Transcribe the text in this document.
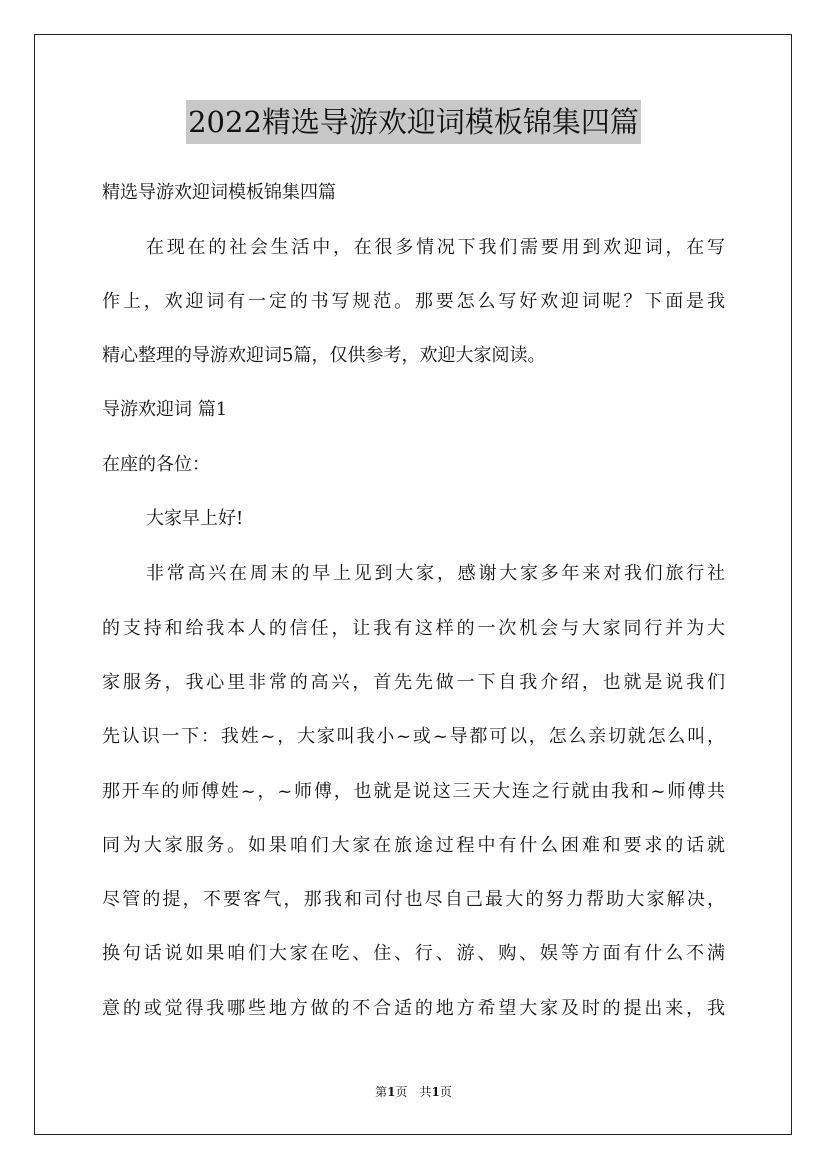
2022精选导游欢迎词模板锦集四篇
精选导游欢迎词模板锦集四篇
在现在的社会生活中，在很多情况下我们需要用到欢迎词，在写
作上，欢迎词有一定的书写规范。那要怎么写好欢迎词呢？下面是我
精心整理的导游欢迎词5篇，仅供参考，欢迎大家阅读。
导游欢迎词 篇1
在座的各位：
大家早上好!
非常高兴在周末的早上见到大家，感谢大家多年来对我们旅行社
的支持和给我本人的信任，让我有这样的一次机会与大家同行并为大
家服务，我心里非常的高兴，首先先做一下自我介绍，也就是说我们
先认识一下：我姓~，大家叫我小~或~导都可以，怎么亲切就怎么叫，
那开车的师傅姓~，~师傅，也就是说这三天大连之行就由我和~师傅共
同为大家服务。如果咱们大家在旅途过程中有什么困难和要求的话就
尽管的提，不要客气，那我和司付也尽自己最大的努力帮助大家解决，
换句话说如果咱们大家在吃、住、行、游、购、娱等方面有什么不满
意的或觉得我哪些地方做的不合适的地方希望大家及时的提出来，我
第1页　共1页
